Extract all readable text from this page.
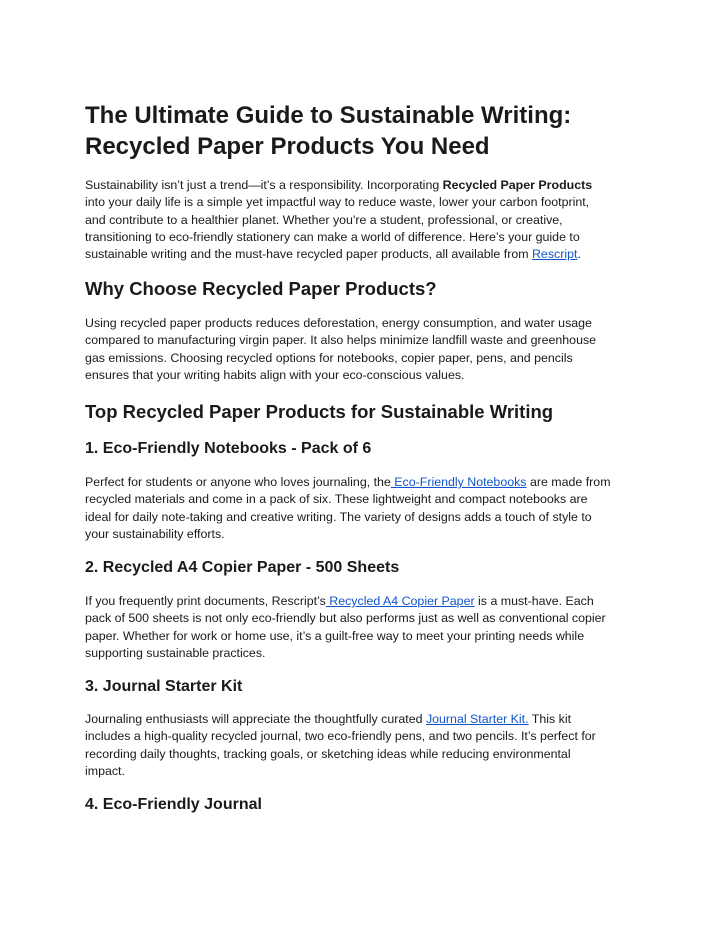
The Ultimate Guide to Sustainable Writing:
Recycled Paper Products You Need
Sustainability isn’t just a trend—it’s a responsibility. Incorporating Recycled Paper Products
into your daily life is a simple yet impactful way to reduce waste, lower your carbon footprint,
and contribute to a healthier planet. Whether you're a student, professional, or creative,
transitioning to eco-friendly stationery can make a world of difference. Here’s your guide to
sustainable writing and the must-have recycled paper products, all available from Rescript.
Why Choose Recycled Paper Products?
Using recycled paper products reduces deforestation, energy consumption, and water usage
compared to manufacturing virgin paper. It also helps minimize landfill waste and greenhouse
gas emissions. Choosing recycled options for notebooks, copier paper, pens, and pencils
ensures that your writing habits align with your eco-conscious values.
Top Recycled Paper Products for Sustainable Writing
1. Eco-Friendly Notebooks - Pack of 6
Perfect for students or anyone who loves journaling, the Eco-Friendly Notebooks are made from
recycled materials and come in a pack of six. These lightweight and compact notebooks are
ideal for daily note-taking and creative writing. The variety of designs adds a touch of style to
your sustainability efforts.
2. Recycled A4 Copier Paper - 500 Sheets
If you frequently print documents, Rescript’s Recycled A4 Copier Paper is a must-have. Each
pack of 500 sheets is not only eco-friendly but also performs just as well as conventional copier
paper. Whether for work or home use, it’s a guilt-free way to meet your printing needs while
supporting sustainable practices.
3. Journal Starter Kit
Journaling enthusiasts will appreciate the thoughtfully curated Journal Starter Kit. This kit
includes a high-quality recycled journal, two eco-friendly pens, and two pencils. It’s perfect for
recording daily thoughts, tracking goals, or sketching ideas while reducing environmental
impact.
4. Eco-Friendly Journal
